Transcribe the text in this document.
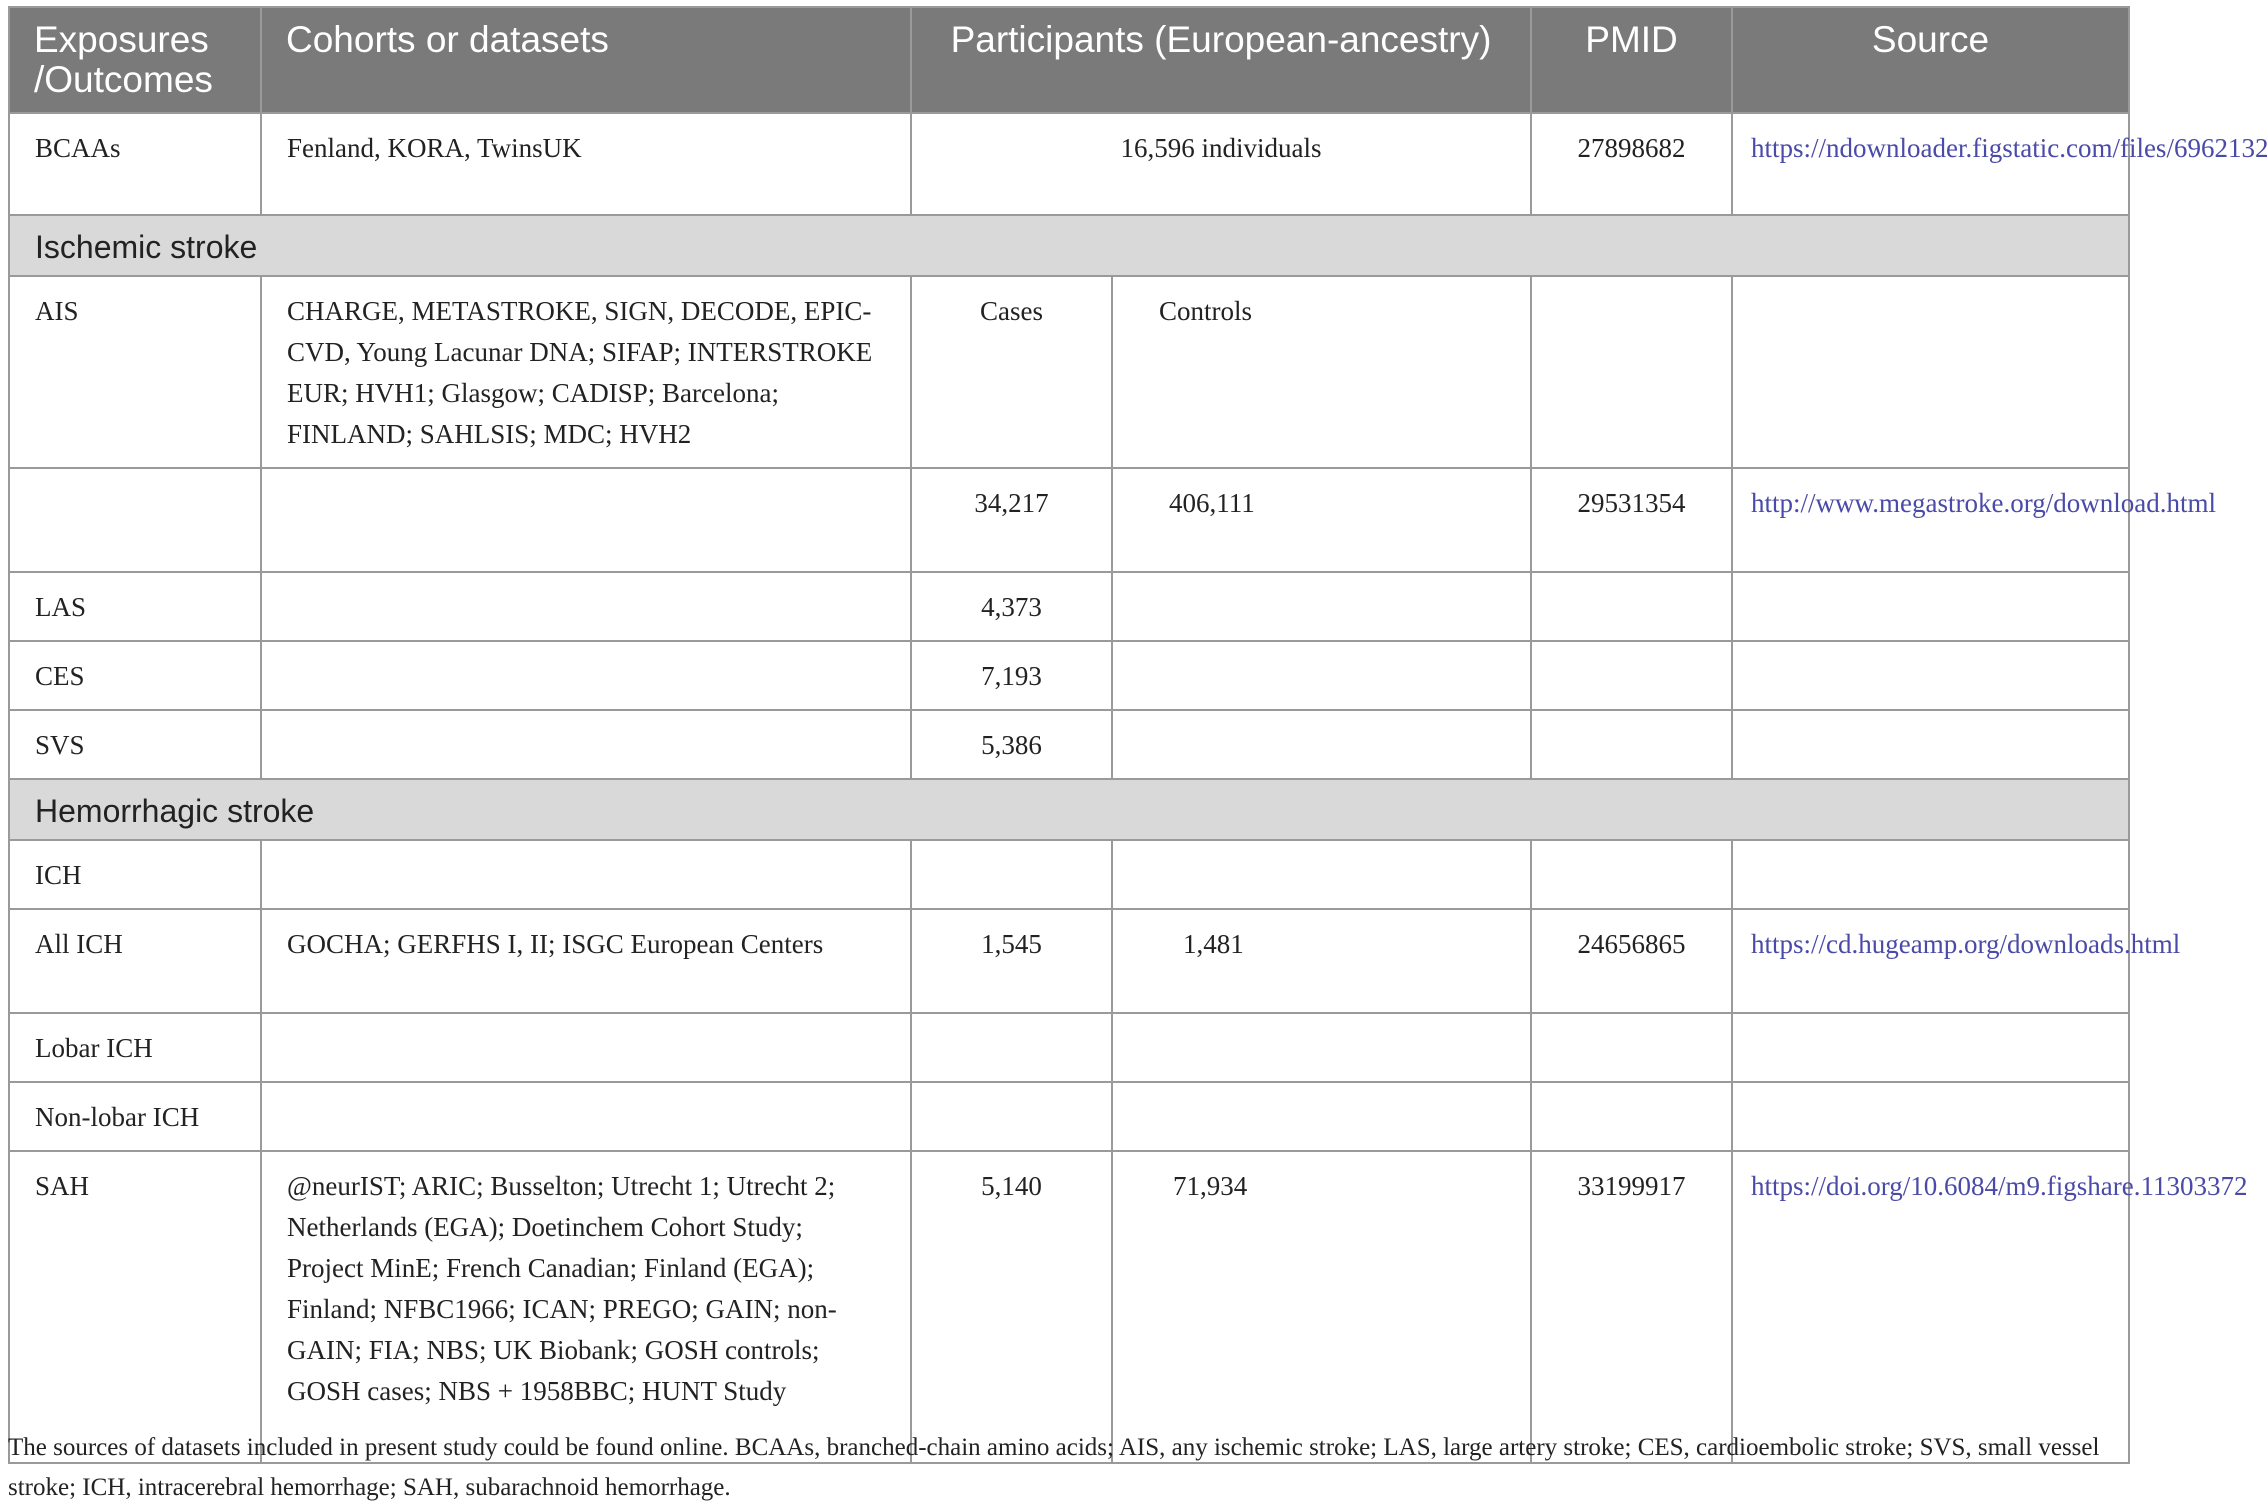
Exposures /Outcomes	Cohorts or datasets	Participants (European-ancestry)		PMID	Source
BCAAs	Fenland, KORA, TwinsUK	16,596 individuals		27898682	https://ndownloader.figstatic.com/files/6962132
Ischemic stroke					
AIS	CHARGE, METASTROKE, SIGN, DECODE, EPIC-CVD, Young Lacunar DNA; SIFAP; INTERSTROKE EUR; HVH1; Glasgow; CADISP; Barcelona; FINLAND; SAHLSIS; MDC; HVH2	Cases	Controls		
		34,217	406,111	29531354	http://www.megastroke.org/download.html
LAS		4,373			
CES		7,193			
SVS		5,386			
Hemorrhagic stroke					
ICH					
All ICH	GOCHA; GERFHS I, II; ISGC European Centers	1,545	1,481	24656865	https://cd.hugeamp.org/downloads.html
Lobar ICH					
Non-lobar ICH					
SAH	@neurIST; ARIC; Busselton; Utrecht 1; Utrecht 2; Netherlands (EGA); Doetinchem Cohort Study; Project MinE; French Canadian; Finland (EGA); Finland; NFBC1966; ICAN; PREGO; GAIN; non-GAIN; FIA; NBS; UK Biobank; GOSH controls; GOSH cases; NBS + 1958BBC; HUNT Study	5,140	71,934	33199917	https://doi.org/10.6084/m9.figshare.11303372
The sources of datasets included in present study could be found online. BCAAs, branched-chain amino acids; AIS, any ischemic stroke; LAS, large artery stroke; CES, cardioembolic stroke; SVS, small vessel stroke; ICH, intracerebral hemorrhage; SAH, subarachnoid hemorrhage.
